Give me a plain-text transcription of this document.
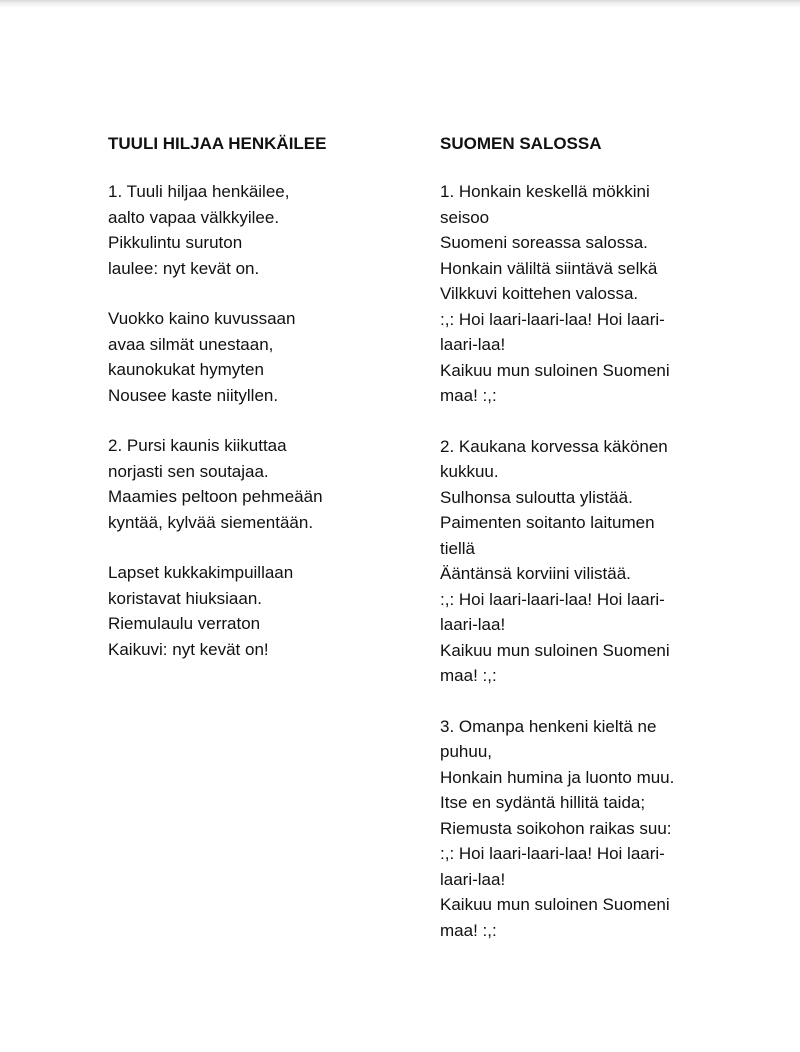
TUULI HILJAA HENKÄILEE
1. Tuuli hiljaa henkäilee,
aalto vapaa välkkyilee.
Pikkulintu suruton
laulee: nyt kevät on.
Vuokko kaino kuvussaan
avaa silmät unestaan,
kaunokukat hymyten
Nousee kaste niityllen.
2. Pursi kaunis kiikuttaa
norjasti sen soutajaa.
Maamies peltoon pehmeään
kyntää, kylvää siementään.
Lapset kukkakimpuillaan
koristavat hiuksiaan.
Riemulaulu verraton
Kaikuvi: nyt kevät on!
SUOMEN SALOSSA
1. Honkain keskellä mökkini
seisoo
Suomeni soreassa salossa.
Honkain väliltä siintävä selkä
Vilkkuvi koittehen valossa.
:,: Hoi laari-laari-laa! Hoi laari-
laari-laa!
Kaikuu mun suloinen Suomeni
maa! :,:
2. Kaukana korvessa käkönen
kukkuu.
Sulhonsa suloutta ylistää.
Paimenten soitanto laitumen
tiellä
Ääntänsä korviini vilistää.
:,: Hoi laari-laari-laa! Hoi laari-
laari-laa!
Kaikuu mun suloinen Suomeni
maa! :,:
3. Omanpa henkeni kieltä ne
puhuu,
Honkain humina ja luonto muu.
Itse en sydäntä hillitä taida;
Riemusta soikohon raikas suu:
:,: Hoi laari-laari-laa! Hoi laari-
laari-laa!
Kaikuu mun suloinen Suomeni
maa! :,:
